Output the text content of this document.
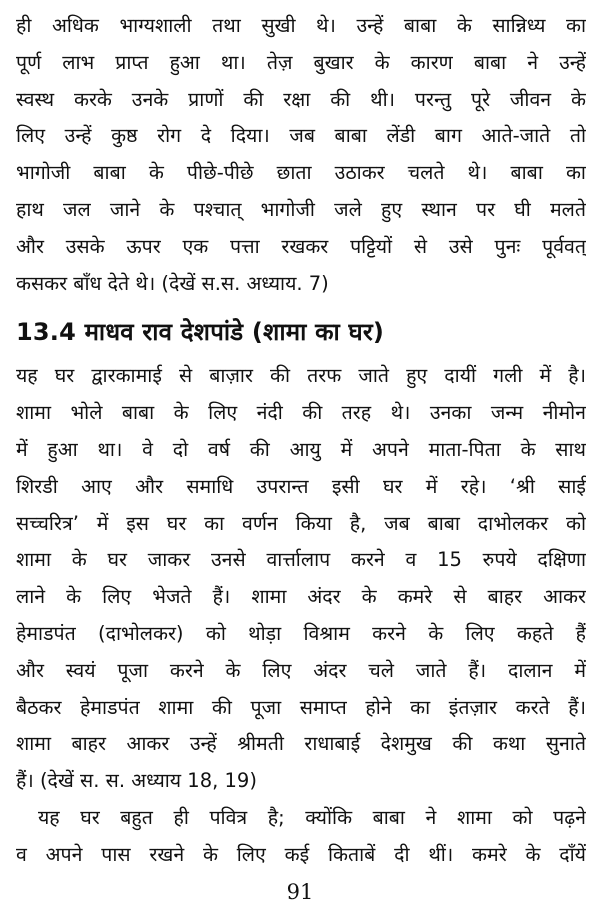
ही अधिक भाग्यशाली तथा सुखी थे। उन्हें बाबा के सान्निध्य का
पूर्ण लाभ प्राप्त हुआ था। तेज़ बुखार के कारण बाबा ने उन्हें
स्वस्थ करके उनके प्राणों की रक्षा की थी। परन्तु पूरे जीवन के
लिए उन्हें कुष्ठ रोग दे दिया। जब बाबा लेंडी बाग आते-जाते तो
भागोजी बाबा के पीछे-पीछे छाता उठाकर चलते थे। बाबा का
हाथ जल जाने के पश्चात् भागोजी जले हुए स्थान पर घी मलते
और उसके ऊपर एक पत्ता रखकर पट्टियों से उसे पुनः पूर्ववत्
कसकर बाँध देते थे। (देखें स.स. अध्याय. 7)
13.4 माधव राव देशपांडे (शामा का घर)
यह घर द्वारकामाई से बाज़ार की तरफ जाते हुए दायीं गली में है।
शामा भोले बाबा के लिए नंदी की तरह थे। उनका जन्म नीमोन
में हुआ था। वे दो वर्ष की आयु में अपने माता-पिता के साथ
शिरडी आए और समाधि उपरान्त इसी घर में रहे। ‘श्री साई
सच्चरित्र’ में इस घर का वर्णन किया है, जब बाबा दाभोलकर को
शामा के घर जाकर उनसे वार्त्तालाप करने व 15 रुपये दक्षिणा
लाने के लिए भेजते हैं। शामा अंदर के कमरे से बाहर आकर
हेमाडपंत (दाभोलकर) को थोड़ा विश्राम करने के लिए कहते हैं
और स्वयं पूजा करने के लिए अंदर चले जाते हैं। दालान में
बैठकर हेमाडपंत शामा की पूजा समाप्त होने का इंतज़ार करते हैं।
शामा बाहर आकर उन्हें श्रीमती राधाबाई देशमुख की कथा सुनाते
हैं। (देखें स. स. अध्याय 18, 19)
यह घर बहुत ही पवित्र है; क्योंकि बाबा ने शामा को पढ़ने
व अपने पास रखने के लिए कई किताबें दी थीं। कमरे के दाँयें
91
